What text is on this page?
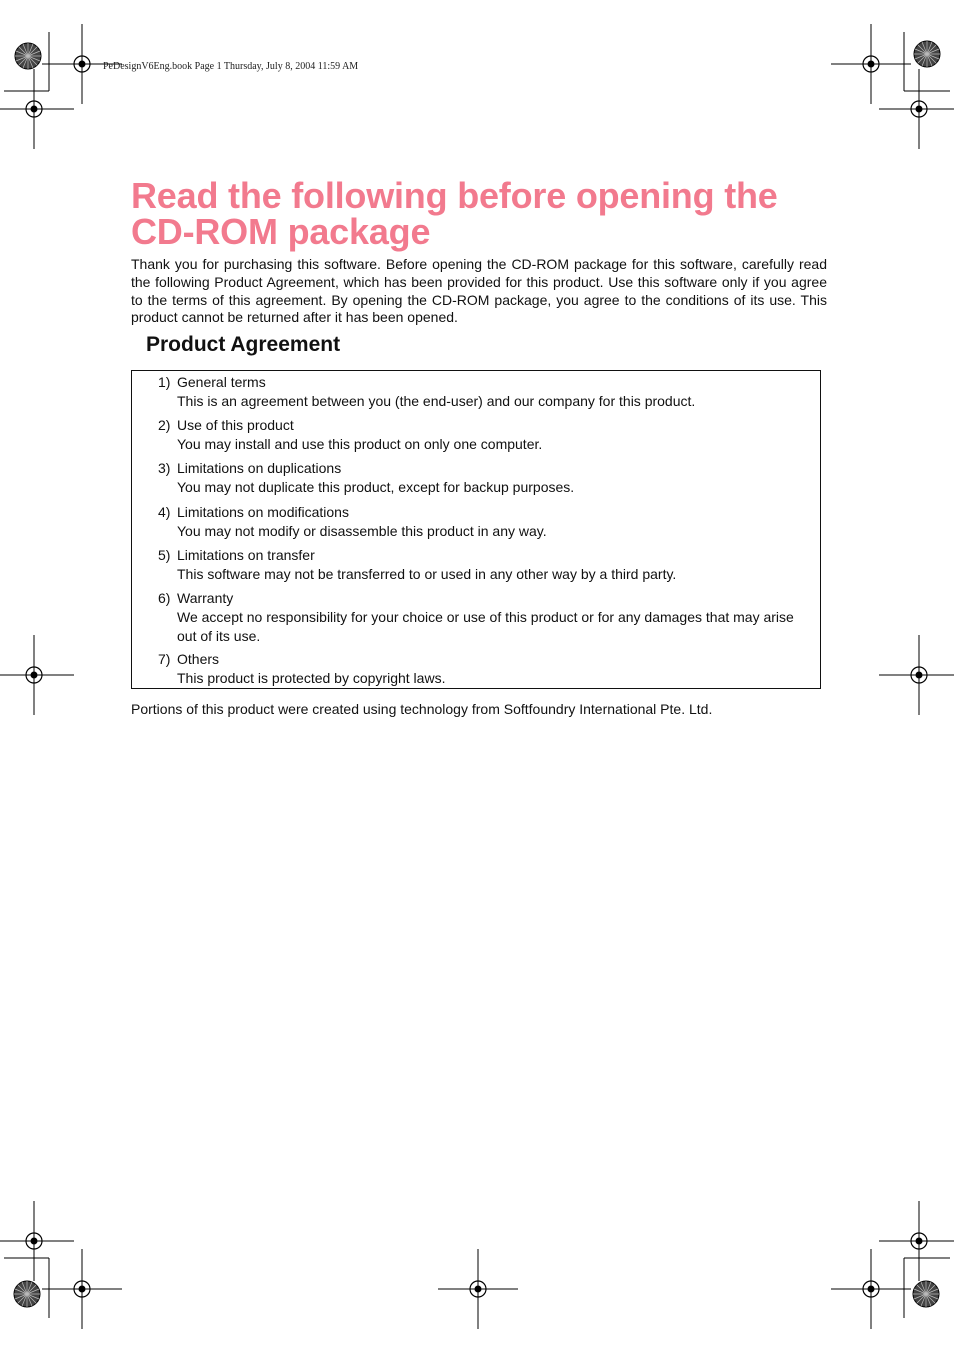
PeDesignV6Eng.book Page 1 Thursday, July 8, 2004 11:59 AM
Read the following before opening the
CD-ROM package

Thank you for purchasing this software. Before opening the CD-ROM package for this software, carefully read the following Product Agreement, which has been provided for this product. Use this software only if you agree to the terms of this agreement. By opening the CD-ROM package, you agree to the conditions of its use. This product cannot be returned after it has been opened.

Product Agreement
1) General terms
This is an agreement between you (the end-user) and our company for this product.
2) Use of this product
You may install and use this product on only one computer.
3) Limitations on duplications
You may not duplicate this product, except for backup purposes.
4) Limitations on modifications
You may not modify or disassemble this product in any way.
5) Limitations on transfer
This software may not be transferred to or used in any other way by a third party.
6) Warranty
We accept no responsibility for your choice or use of this product or for any damages that may arise out of its use.
7) Others
This product is protected by copyright laws.

Portions of this product were created using technology from Softfoundry International Pte. Ltd.
